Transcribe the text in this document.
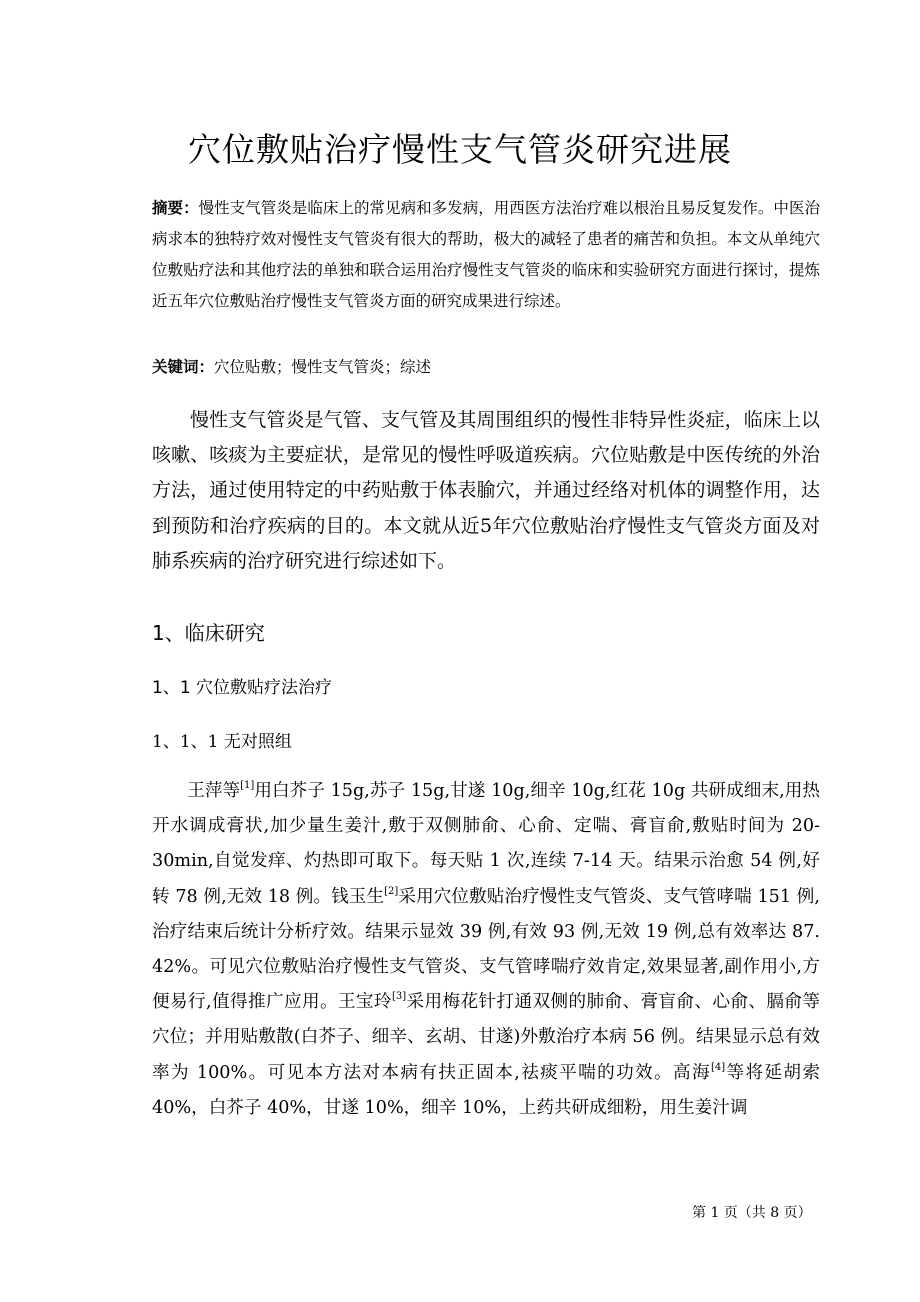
穴位敷贴治疗慢性支气管炎研究进展
摘要：慢性支气管炎是临床上的常见病和多发病，用西医方法治疗难以根治且易反复发作。中医治病求本的独特疗效对慢性支气管炎有很大的帮助，极大的减轻了患者的痛苦和负担。本文从单纯穴位敷贴疗法和其他疗法的单独和联合运用治疗慢性支气管炎的临床和实验研究方面进行探讨，提炼近五年穴位敷贴治疗慢性支气管炎方面的研究成果进行综述。
关键词：穴位贴敷；慢性支气管炎；综述

慢性支气管炎是气管、支气管及其周围组织的慢性非特异性炎症，临床上以咳嗽、咳痰为主要症状，是常见的慢性呼吸道疾病。穴位贴敷是中医传统的外治方法，通过使用特定的中药贴敷于体表腧穴，并通过经络对机体的调整作用，达到预防和治疗疾病的目的。本文就从近5年穴位敷贴治疗慢性支气管炎方面及对肺系疾病的治疗研究进行综述如下。

1、临床研究
1、1 穴位敷贴疗法治疗
1、1、1 无对照组

王萍等[1]用白芥子 15g,苏子 15g,甘遂 10g,细辛 10g,红花 10g 共研成细末,用热开水调成膏状,加少量生姜汁,敷于双侧肺俞、心俞、定喘、膏盲俞,敷贴时间为 20-30min,自觉发痒、灼热即可取下。每天贴 1 次,连续 7-14 天。结果示治愈 54 例,好转 78 例,无效 18 例。钱玉生[2]采用穴位敷贴治疗慢性支气管炎、支气管哮喘 151 例,治疗结束后统计分析疗效。结果示显效 39 例,有效 93 例,无效 19 例,总有效率达 87. 42%。可见穴位敷贴治疗慢性支气管炎、支气管哮喘疗效肯定,效果显著,副作用小,方便易行,值得推广应用。王宝玲[3]采用梅花针打通双侧的肺俞、膏盲俞、心俞、膈俞等穴位；并用贴敷散(白芥子、细辛、玄胡、甘遂)外敷治疗本病 56 例。结果显示总有效率为 100%。可见本方法对本病有扶正固本,祛痰平喘的功效。高海[4]等将延胡索 40%，白芥子 40%，甘遂 10%，细辛 10%，上药共研成细粉，用生姜汁调

第 1 页（共 8 页）
